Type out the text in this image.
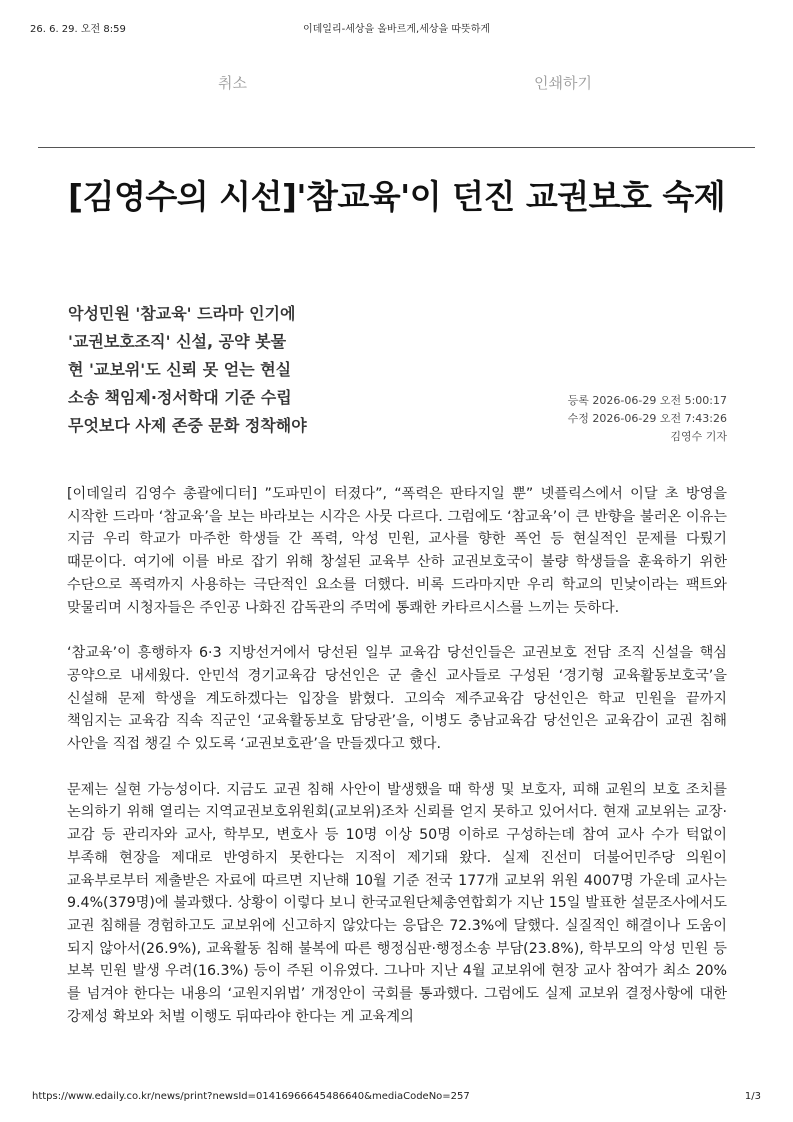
26. 6. 29. 오전 8:59	이데일리-세상을 올바르게,세상을 따뜻하게
취소	인쇄하기
[김영수의 시선]'참교육'이 던진 교권보호 숙제
악성민원 '참교육' 드라마 인기에
'교권보호조직' 신설, 공약 봇물
현 '교보위'도 신뢰 못 얻는 현실
소송 책임제·정서학대 기준 수립
무엇보다 사제 존중 문화 정착해야
등록 2026-06-29 오전 5:00:17
수정 2026-06-29 오전 7:43:26
김영수 기자

[이데일리 김영수 총괄에디터] ”도파민이 터졌다”, “폭력은 판타지일 뿐” 넷플릭스에서 이달 초 방영을 시작한 드라마 ‘참교육’을 보는 바라보는 시각은 사뭇 다르다. 그럼에도 ‘참교육’이 큰 반향을 불러온 이유는 지금 우리 학교가 마주한 학생들 간 폭력, 악성 민원, 교사를 향한 폭언 등 현실적인 문제를 다뤘기 때문이다. 여기에 이를 바로 잡기 위해 창설된 교육부 산하 교권보호국이 불량 학생들을 훈육하기 위한 수단으로 폭력까지 사용하는 극단적인 요소를 더했다. 비록 드라마지만 우리 학교의 민낯이라는 팩트와 맞물리며 시청자들은 주인공 나화진 감독관의 주먹에 통쾌한 카타르시스를 느끼는 듯하다.

‘참교육’이 흥행하자 6·3 지방선거에서 당선된 일부 교육감 당선인들은 교권보호 전담 조직 신설을 핵심 공약으로 내세웠다. 안민석 경기교육감 당선인은 군 출신 교사들로 구성된 ‘경기형 교육활동보호국’을 신설해 문제 학생을 계도하겠다는 입장을 밝혔다. 고의숙 제주교육감 당선인은 학교 민원을 끝까지 책임지는 교육감 직속 직군인 ‘교육활동보호 담당관’을, 이병도 충남교육감 당선인은 교육감이 교권 침해 사안을 직접 챙길 수 있도록 ‘교권보호관’을 만들겠다고 했다.

문제는 실현 가능성이다. 지금도 교권 침해 사안이 발생했을 때 학생 및 보호자, 피해 교원의 보호 조치를 논의하기 위해 열리는 지역교권보호위원회(교보위)조차 신뢰를 얻지 못하고 있어서다. 현재 교보위는 교장·교감 등 관리자와 교사, 학부모, 변호사 등 10명 이상 50명 이하로 구성하는데 참여 교사 수가 턱없이 부족해 현장을 제대로 반영하지 못한다는 지적이 제기돼 왔다. 실제 진선미 더불어민주당 의원이 교육부로부터 제출받은 자료에 따르면 지난해 10월 기준 전국 177개 교보위 위원 4007명 가운데 교사는 9.4%(379명)에 불과했다. 상황이 이렇다 보니 한국교원단체총연합회가 지난 15일 발표한 설문조사에서도 교권 침해를 경험하고도 교보위에 신고하지 않았다는 응답은 72.3%에 달했다. 실질적인 해결이나 도움이 되지 않아서(26.9%), 교육활동 침해 불복에 따른 행정심판·행정소송 부담(23.8%), 학부모의 악성 민원 등 보복 민원 발생 우려(16.3%) 등이 주된 이유였다. 그나마 지난 4월 교보위에 현장 교사 참여가 최소 20%를 넘겨야 한다는 내용의 ‘교원지위법’ 개정안이 국회를 통과했다. 그럼에도 실제 교보위 결정사항에 대한 강제성 확보와 처벌 이행도 뒤따라야 한다는 게 교육계의

https://www.edaily.co.kr/news/print?newsId=01416966645486640&mediaCodeNo=257	1/3
